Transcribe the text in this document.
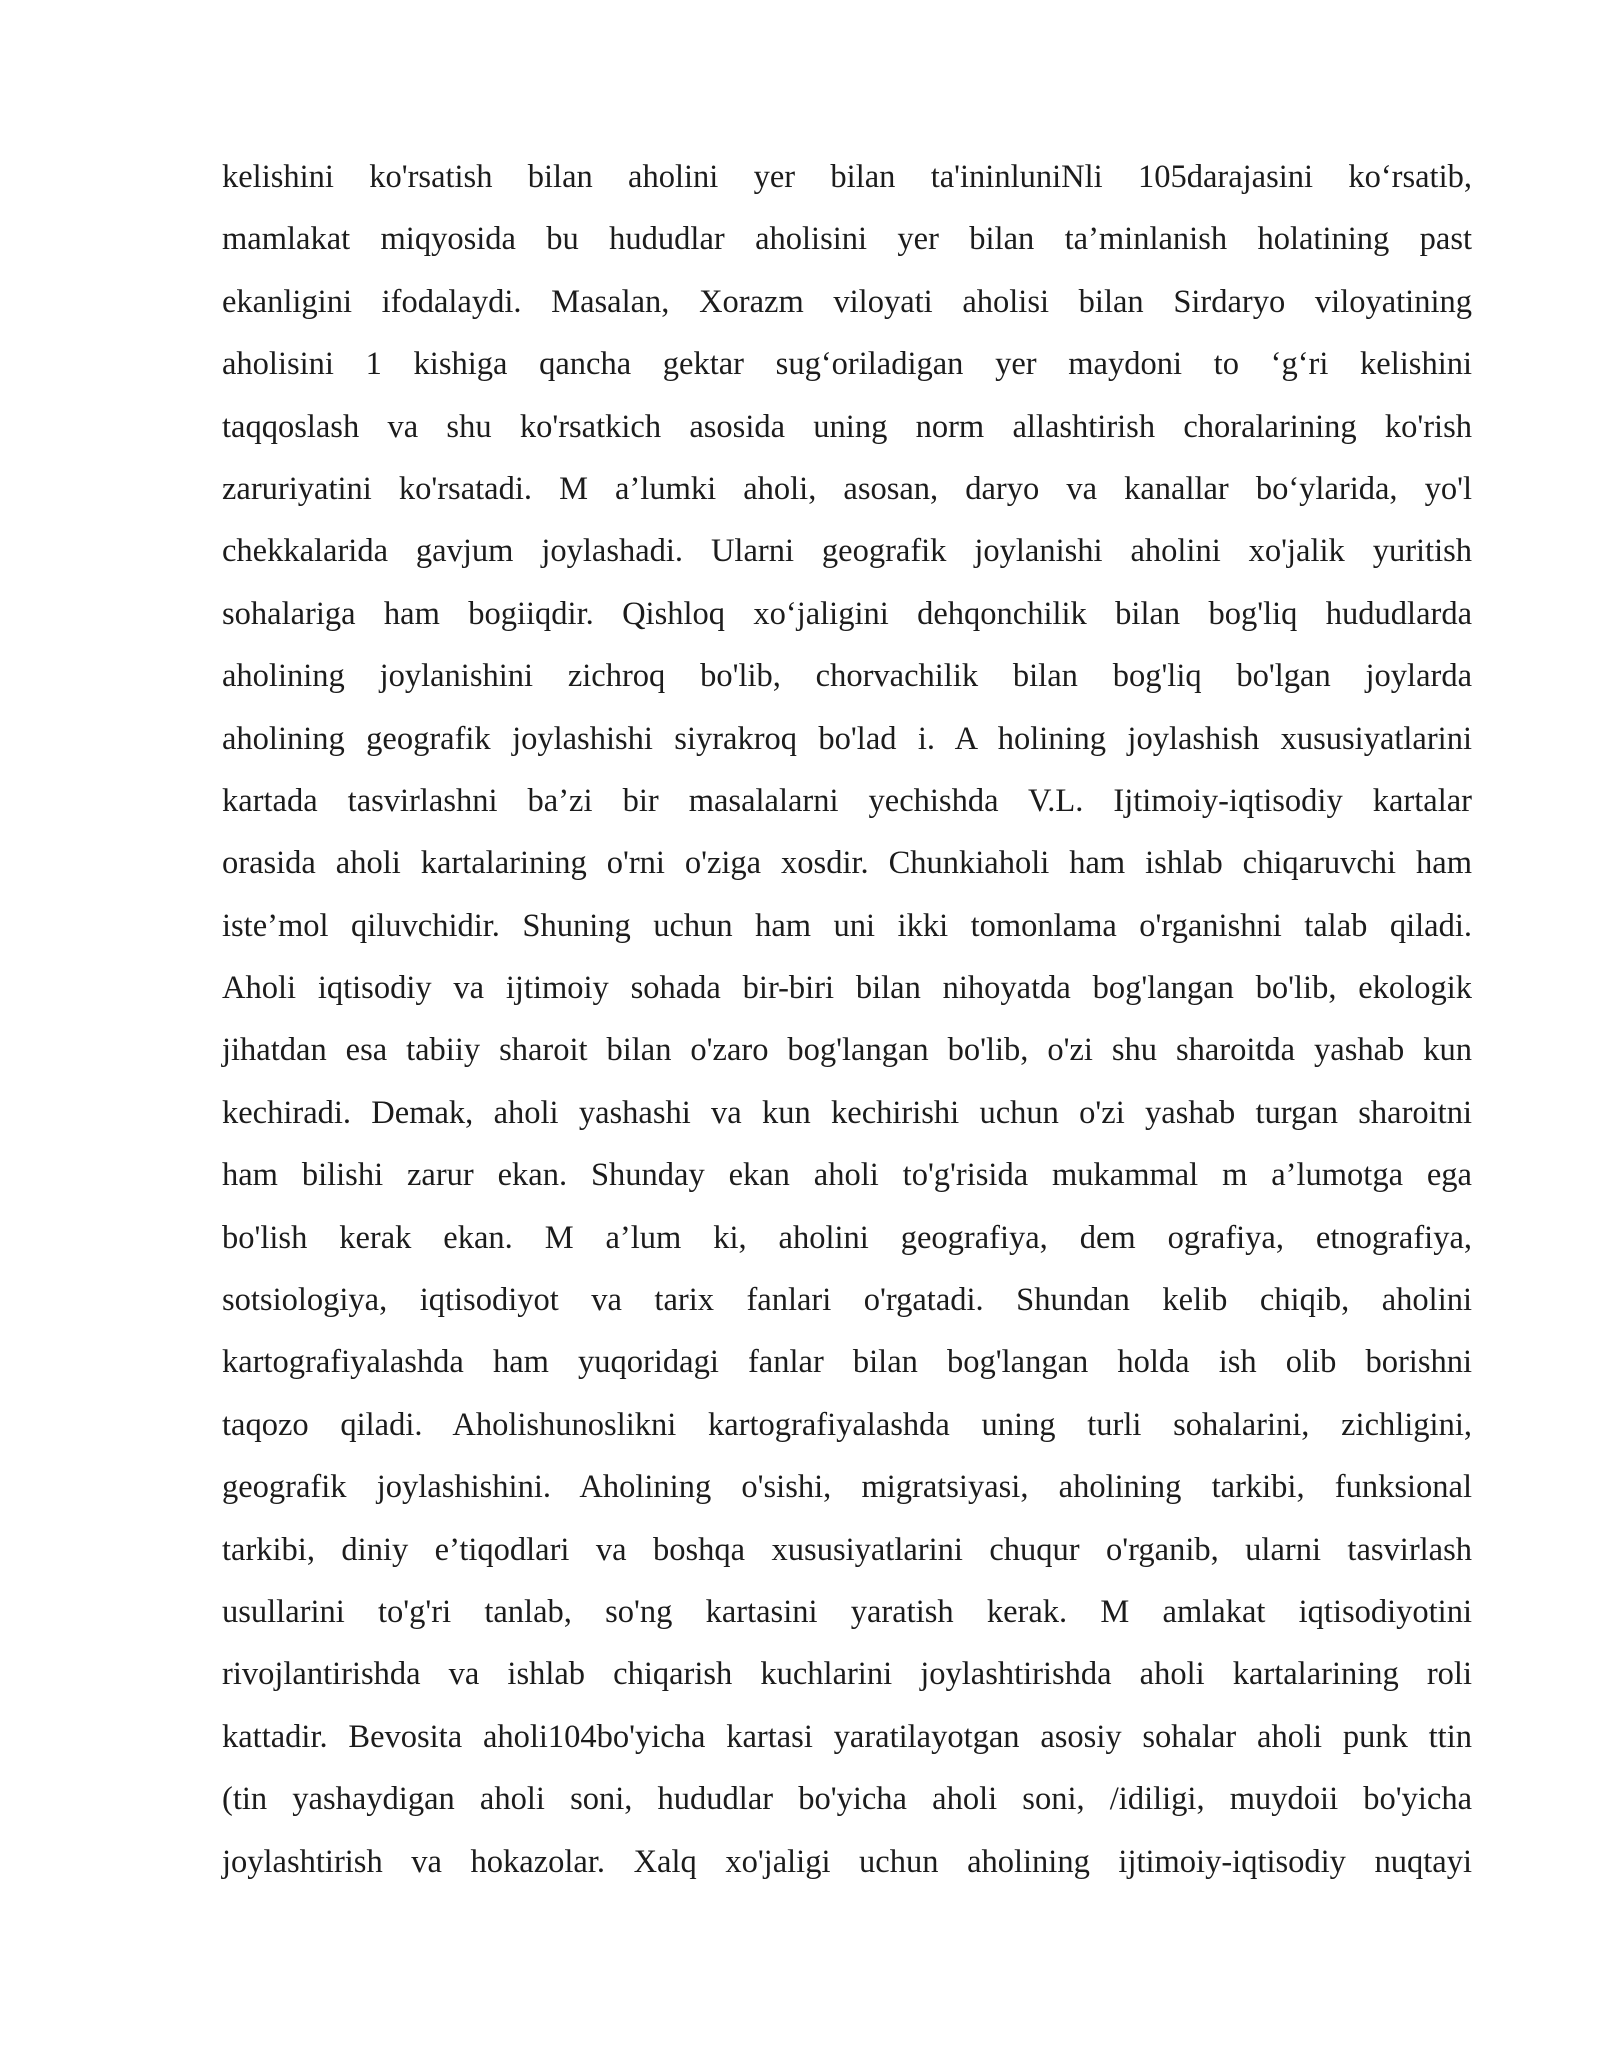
kelishini ko'rsatish bilan aholini yer bilan ta'ininluniNli 105darajasini ko‘rsatib,
mamlakat miqyosida bu hududlar aholisini yer bilan ta’minlanish holatining past
ekanligini ifodalaydi. Masalan, Xorazm viloyati aholisi bilan Sirdaryo viloyatining
aholisini 1 kishiga qancha gektar sug‘oriladigan yer maydoni to ‘g‘ri kelishini
taqqoslash va shu ko'rsatkich asosida uning norm allashtirish choralarining ko'rish
zaruriyatini ko'rsatadi. M a’lumki aholi, asosan, daryo va kanallar bo‘ylarida, yo'l
chekkalarida gavjum joylashadi. Ularni geografik joylanishi aholini xo'jalik yuritish
sohalariga ham bogiiqdir. Qishloq xo‘jaligini dehqonchilik bilan bog'liq hududlarda
aholining joylanishini zichroq bo'lib, chorvachilik bilan bog'liq bo'lgan joylarda
aholining geografik joylashishi siyrakroq bo'lad i. A holining joylashish xususiyatlarini
kartada tasvirlashni ba’zi bir masalalarni yechishda V.L. Ijtimoiy-iqtisodiy kartalar
orasida aholi kartalarining o'rni o'ziga xosdir. Chunkiaholi ham ishlab chiqaruvchi ham
iste’mol qiluvchidir. Shuning uchun ham uni ikki tomonlama o'rganishni talab qiladi.
Aholi iqtisodiy va ijtimoiy sohada bir-biri bilan nihoyatda bog'langan bo'lib, ekologik
jihatdan esa tabiiy sharoit bilan o'zaro bog'langan bo'lib, o'zi shu sharoitda yashab kun
kechiradi. Demak, aholi yashashi va kun kechirishi uchun o'zi yashab turgan sharoitni
ham bilishi zarur ekan. Shunday ekan aholi to'g'risida mukammal m a’lumotga ega
bo'lish kerak ekan. M a’lum ki, aholini geografiya, dem ografiya, etnografiya,
sotsiologiya, iqtisodiyot va tarix fanlari o'rgatadi. Shundan kelib chiqib, aholini
kartografiyalashda ham yuqoridagi fanlar bilan bog'langan holda ish olib borishni
taqozo qiladi. Aholishunoslikni kartografiyalashda uning turli sohalarini, zichligini,
geografik joylashishini. Aholining o'sishi, migratsiyasi, aholining tarkibi, funksional
tarkibi, diniy e’tiqodlari va boshqa xususiyatlarini chuqur o'rganib, ularni tasvirlash
usullarini to'g'ri tanlab, so'ng kartasini yaratish kerak. M amlakat iqtisodiyotini
rivojlantirishda va ishlab chiqarish kuchlarini joylashtirishda aholi kartalarining roli
kattadir. Bevosita aholi104bo'yicha kartasi yaratilayotgan asosiy sohalar aholi punk ttin
(tin yashaydigan aholi soni, hududlar bo'yicha aholi soni, /idiligi, muydoii bo'yicha
joylashtirish va hokazolar. Xalq xo'jaligi uchun aholining ijtimoiy-iqtisodiy nuqtayi
